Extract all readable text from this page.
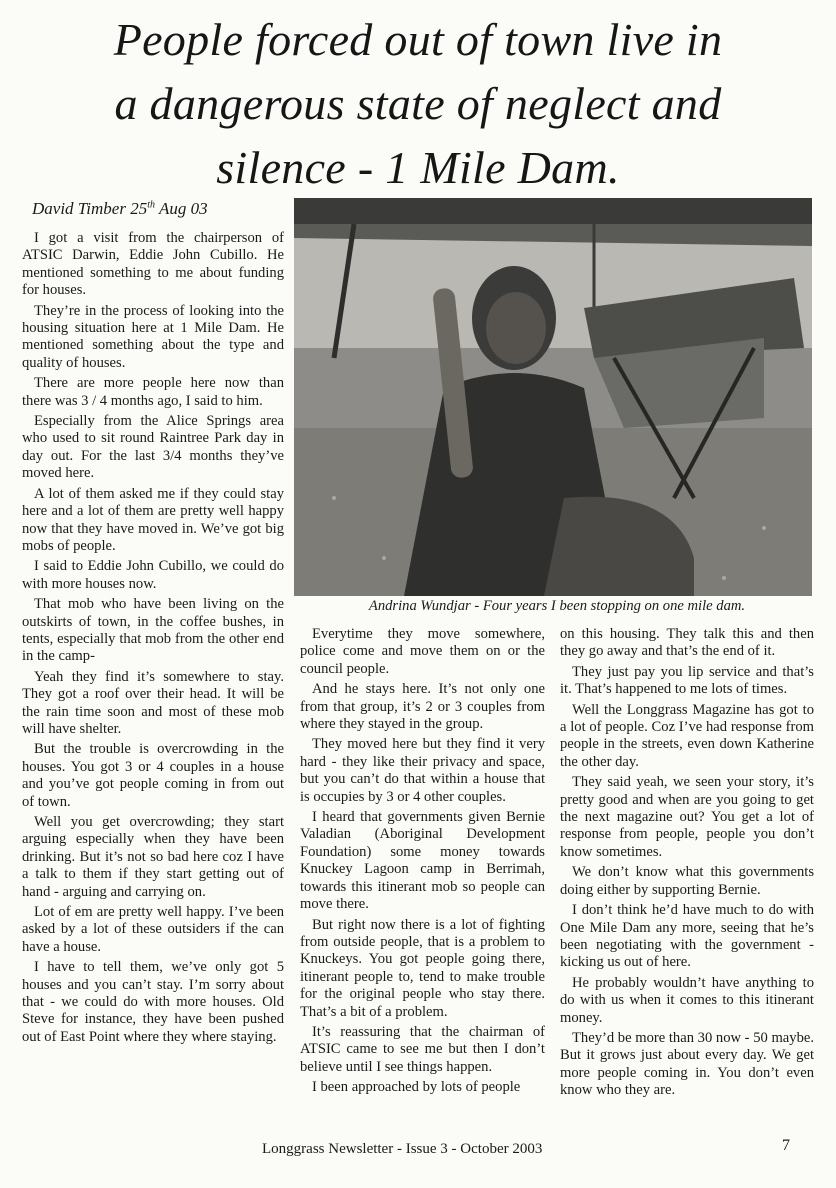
People forced out of town live in
a dangerous state of neglect and
silence - 1 Mile Dam.
David Timber 25th Aug 03

I got a visit from the chairperson of ATSIC Darwin, Eddie John Cubillo. He mentioned something to me about funding for houses.

They’re in the process of looking into the housing situation here at 1 Mile Dam. He mentioned something about the type and quality of houses.

There are more people here now than there was 3 / 4 months ago, I said to him.

Especially from the Alice Springs area who used to sit round Raintree Park day in day out. For the last 3/4 months they’ve moved here.

A lot of them asked me if they could stay here and a lot of them are pretty well happy now that they have moved in. We’ve got big mobs of people.

I said to Eddie John Cubillo, we could do with more houses now.

That mob who have been living on the outskirts of town, in the coffee bushes, in tents, especially that mob from the other end in the camp-

Yeah they find it’s somewhere to stay. They got a roof over their head. It will be the rain time soon and most of these mob will have shelter.

But the trouble is overcrowding in the houses. You got 3 or 4 couples in a house and you’ve got people coming in from out of town.

Well you get overcrowding; they start arguing especially when they have been drinking. But it’s not so bad here coz I have a talk to them if they start getting out of hand - arguing and carrying on.

Lot of em are pretty well happy. I’ve been asked by a lot of these outsiders if the can have a house.

I have to tell them, we’ve only got 5 houses and you can’t stay. I’m sorry about that - we could do with more houses. Old Steve for instance, they have been pushed out of East Point where they where staying.

Andrina Wundjar - Four years I been stopping on one mile dam.

Everytime they move somewhere, police come and move them on or the council people.

And he stays here. It’s not only one from that group, it’s 2 or 3 couples from where they stayed in the group.

They moved here but they find it very hard - they like their privacy and space, but you can’t do that within a house that is occupies by 3 or 4 other couples.

I heard that governments given Bernie Valadian (Aboriginal Development Foundation) some money towards Knuckey Lagoon camp in Berrimah, towards this itinerant mob so people can move there.

But right now there is a lot of fighting from outside people, that is a problem to Knuckeys. You got people going there, itinerant people to, tend to make trouble for the original people who stay there. That’s a bit of a problem.

It’s reassuring that the chairman of ATSIC came to see me but then I don’t believe until I see things happen.

I been approached by lots of people

on this housing. They talk this and then they go away and that’s the end of it.

They just pay you lip service and that’s it. That’s happened to me lots of times.

Well the Longgrass Magazine has got to a lot of people. Coz I’ve had response from people in the streets, even down Katherine the other day.

They said yeah, we seen your story, it’s pretty good and when are you going to get the next magazine out? You get a lot of response from people, people you don’t know sometimes.

We don’t know what this governments doing either by supporting Bernie.

I don’t think he’d have much to do with One Mile Dam any more, seeing that he’s been negotiating with the government - kicking us out of here.

He probably wouldn’t have anything to do with us when it comes to this itinerant money.

They’d be more than 30 now - 50 maybe. But it grows just about every day. We get more people coming in. You don’t even know who they are.

Longgrass Newsletter - Issue 3 - October 2003	7
